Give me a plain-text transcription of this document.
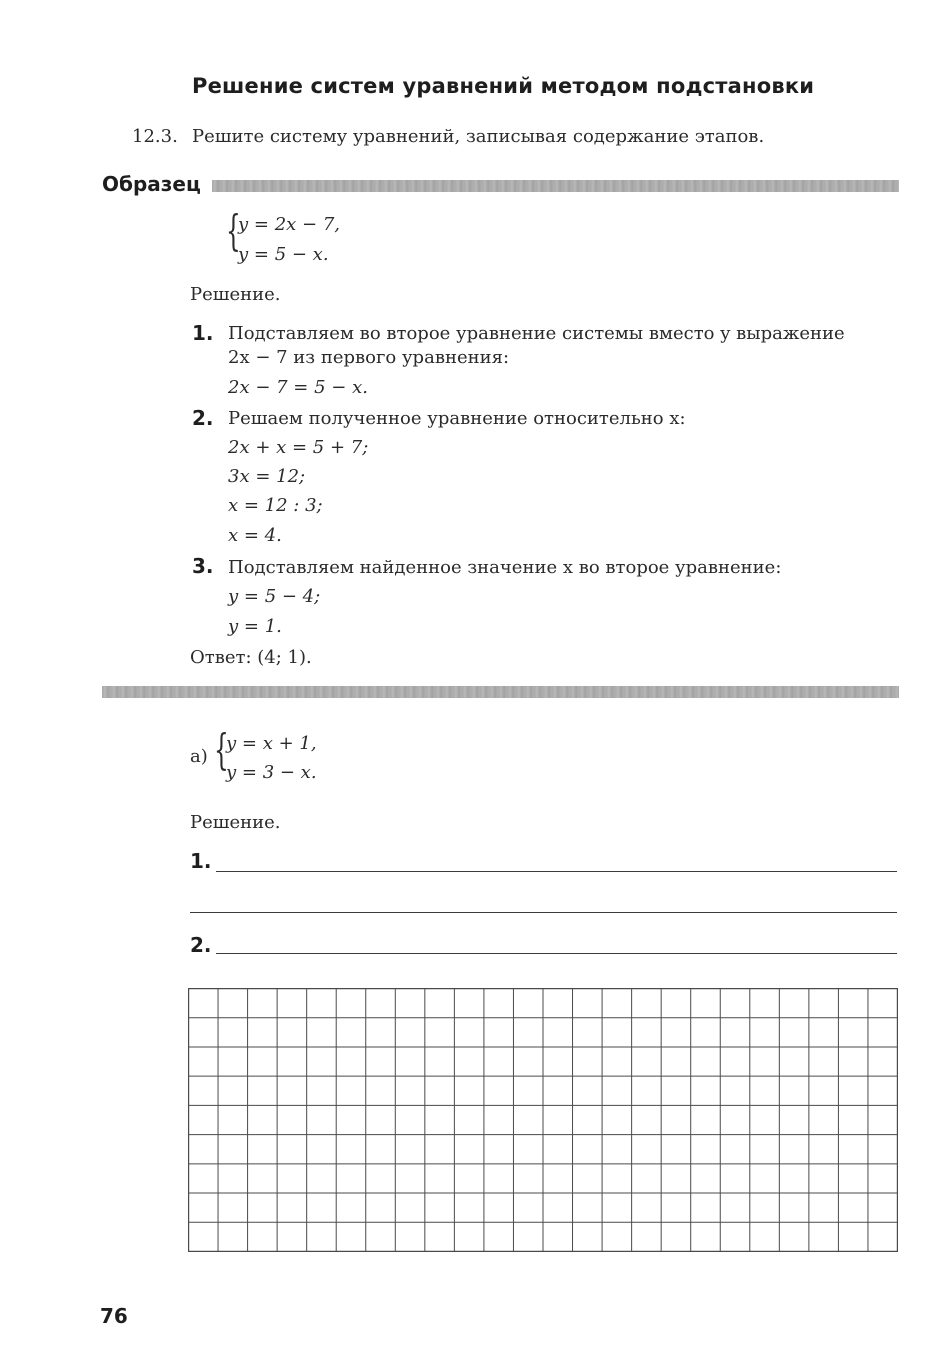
Решение систем уравнений методом подстановки
12.3. Решите систему уравнений, записывая содержание этапов.
Образец
{
y = 2x − 7,
y = 5 − x.
Решение.
1. Подставляем во второе уравнение системы вместо y выражение
2x − 7 из первого уравнения:
2x − 7 = 5 − x.
2. Решаем полученное уравнение относительно x:
2x + x = 5 + 7;
3x = 12;
x = 12 : 3;
x = 4.
3. Подставляем найденное значение x во второе уравнение:
y = 5 − 4;
y = 1.
Ответ: (4; 1).
а) {
y = x + 1,
y = 3 − x.
Решение.
1.
2.
76
